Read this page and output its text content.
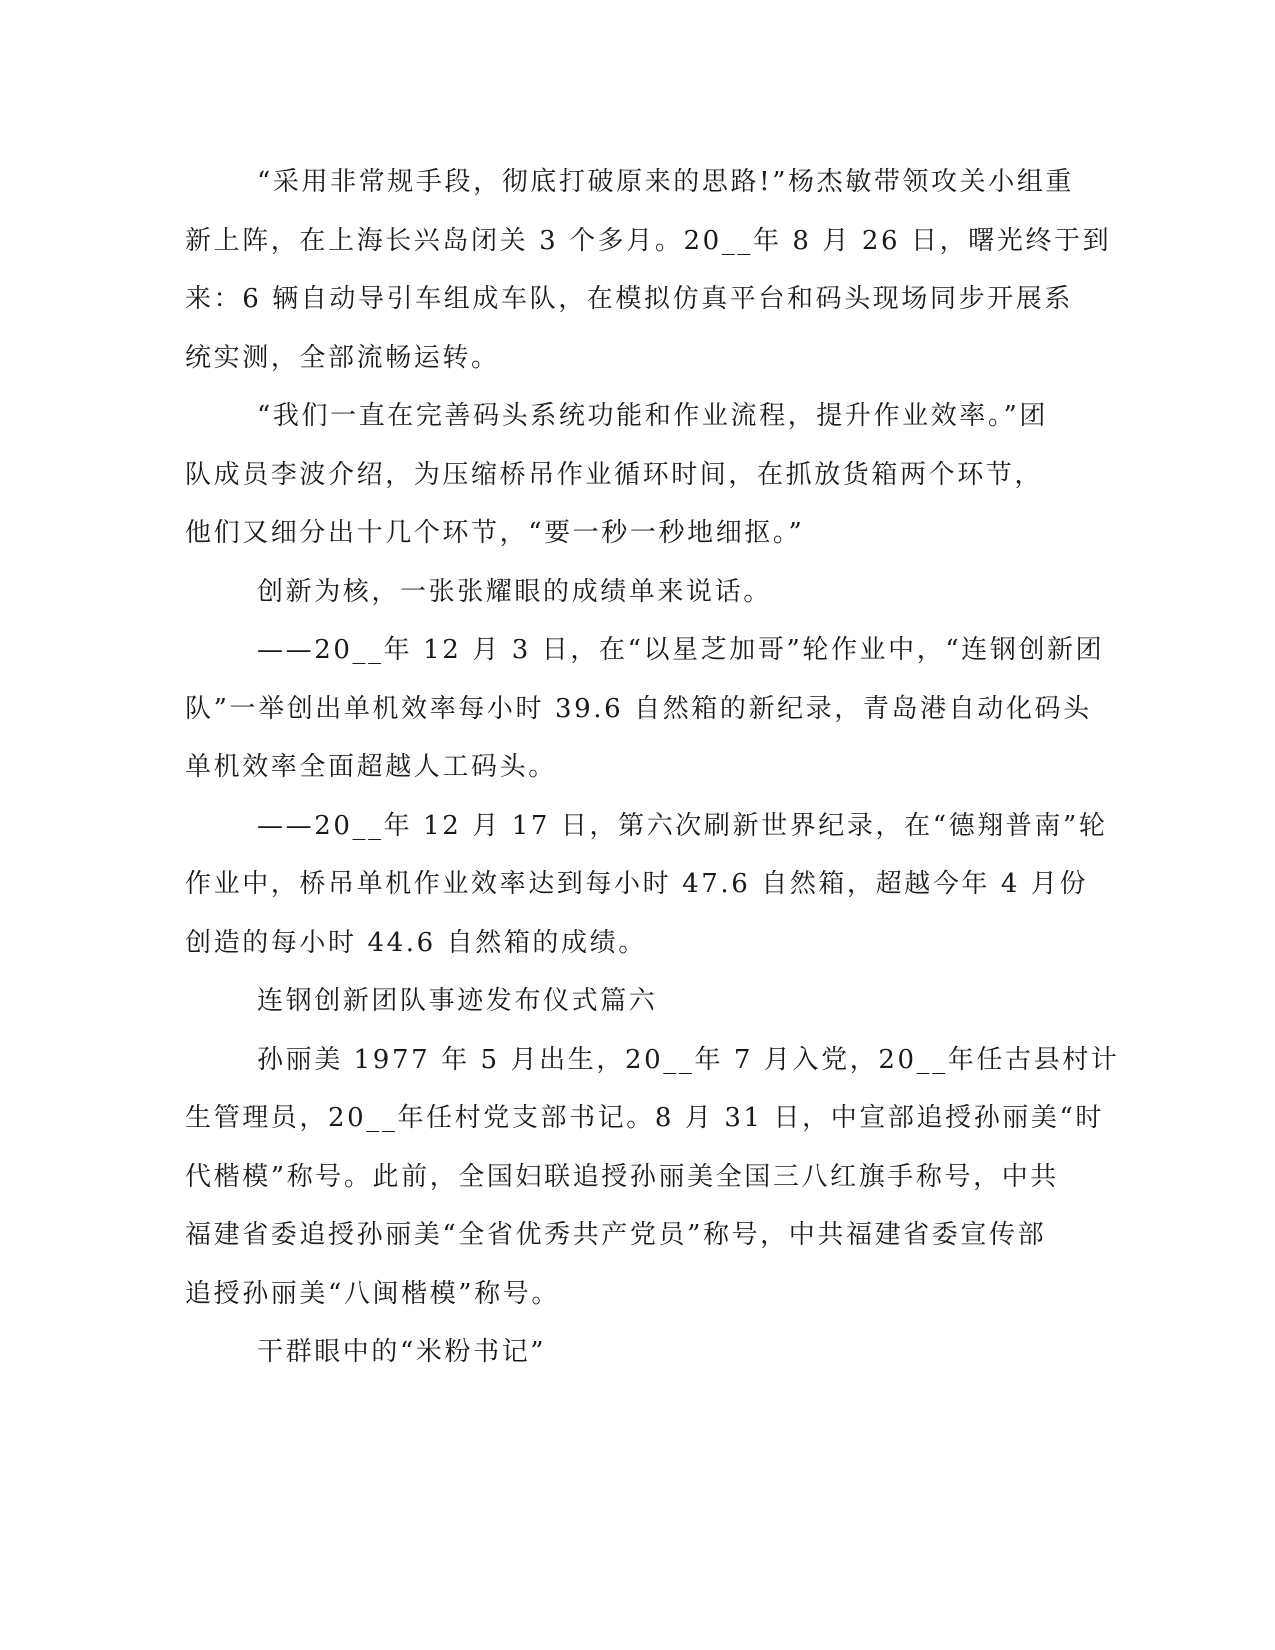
“采用非常规手段，彻底打破原来的思路!”杨杰敏带领攻关小组重
新上阵，在上海长兴岛闭关 3 个多月。20__年 8 月 26 日，曙光终于到
来：6 辆自动导引车组成车队，在模拟仿真平台和码头现场同步开展系
统实测，全部流畅运转。

“我们一直在完善码头系统功能和作业流程，提升作业效率。”团
队成员李波介绍，为压缩桥吊作业循环时间，在抓放货箱两个环节，
他们又细分出十几个环节，“要一秒一秒地细抠。”

创新为核，一张张耀眼的成绩单来说话。

——20__年 12 月 3 日，在“以星芝加哥”轮作业中，“连钢创新团
队”一举创出单机效率每小时 39.6 自然箱的新纪录，青岛港自动化码头
单机效率全面超越人工码头。

——20__年 12 月 17 日，第六次刷新世界纪录，在“德翔普南”轮
作业中，桥吊单机作业效率达到每小时 47.6 自然箱，超越今年 4 月份
创造的每小时 44.6 自然箱的成绩。

连钢创新团队事迹发布仪式篇六

孙丽美 1977 年 5 月出生，20__年 7 月入党，20__年任古县村计
生管理员，20__年任村党支部书记。8 月 31 日，中宣部追授孙丽美“时
代楷模”称号。此前，全国妇联追授孙丽美全国三八红旗手称号，中共
福建省委追授孙丽美“全省优秀共产党员”称号，中共福建省委宣传部
追授孙丽美“八闽楷模”称号。

干群眼中的“米粉书记”
